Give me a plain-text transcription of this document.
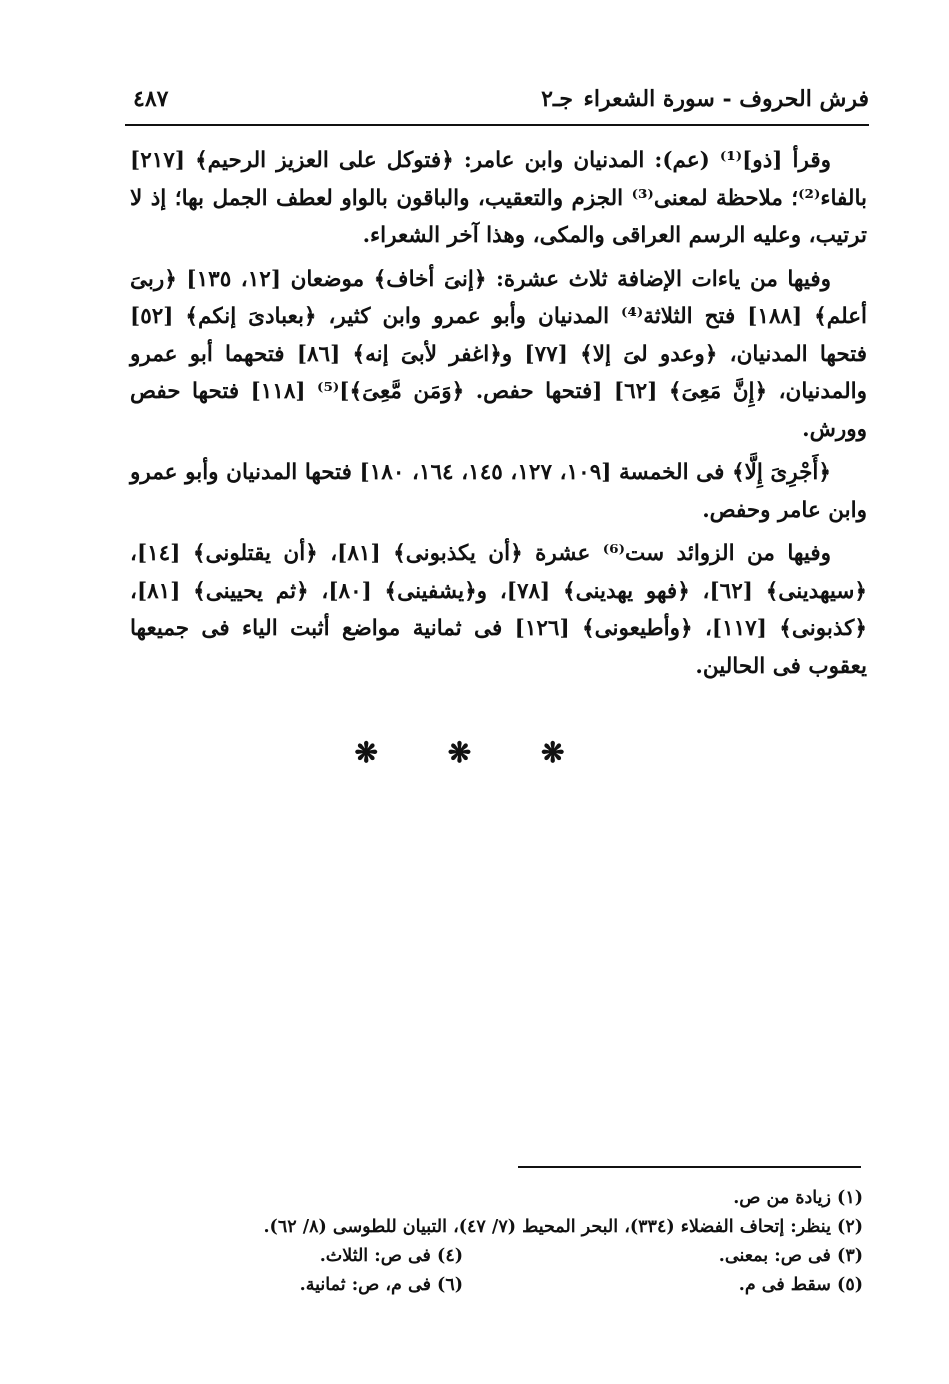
فرش الحروف - سورة الشعراء
جـ٢
٤٨٧

وقرأ [ذو]⁽¹⁾ (عم): المدنيان وابن عامر: ﴿فتوكل على العزيز الرحيم﴾ [٢١٧] بالفاء⁽²⁾؛ ملاحظة لمعنى⁽³⁾ الجزم والتعقيب، والباقون بالواو لعطف الجمل بها؛ إذ لا ترتيب، وعليه الرسم العراقى والمكى، وهذا آخر الشعراء.

وفيها من ياءات الإضافة ثلاث عشرة: ﴿إنىَ أخاف﴾ موضعان [١٢، ١٣٥] ﴿ربىَ أعلم﴾ [١٨٨] فتح الثلاثة⁽⁴⁾ المدنيان وأبو عمرو وابن كثير، ﴿بعبادىَ إنكم﴾ [٥٢] فتحها المدنيان، ﴿وعدو لىَ إلا﴾ [٧٧] و﴿اغفر لأبىَ إنه﴾ [٨٦] فتحهما أبو عمرو والمدنيان، ﴿إِنَّ مَعِىَ﴾ [٦٢] [فتحها حفص. ﴿وَمَن مَّعِىَ﴾]⁽⁵⁾ [١١٨] فتحها حفص وورش.

﴿أَجْرِىَ إِلَّا﴾ فى الخمسة [١٠٩، ١٢٧، ١٤٥، ١٦٤، ١٨٠] فتحها المدنيان وأبو عمرو وابن عامر وحفص.

وفيها من الزوائد ست⁽⁶⁾ عشرة ﴿أن يكذبونى﴾ [٨١]، ﴿أن يقتلونى﴾ [١٤]، ﴿سيهدينى﴾ [٦٢]، ﴿فهو يهدينى﴾ [٧٨]، و﴿يشفينى﴾ [٨٠]، ﴿ثم يحيينى﴾ [٨١]، ﴿كذبونى﴾ [١١٧]، ﴿وأطيعونى﴾ [١٢٦] فى ثمانية مواضع أثبت الياء فى جميعها يعقوب فى الحالين.

❋ ❋ ❋
(١) زيادة من ص.
(٢) ينظر: إتحاف الفضلاء (٣٣٤)، البحر المحيط (٧/ ٤٧)، التبيان للطوسى (٨/ ٦٢).
(٣) فى ص: بمعنى.
(٤) فى ص: الثلاث.
(٥) سقط فى م.
(٦) فى م، ص: ثمانية.
